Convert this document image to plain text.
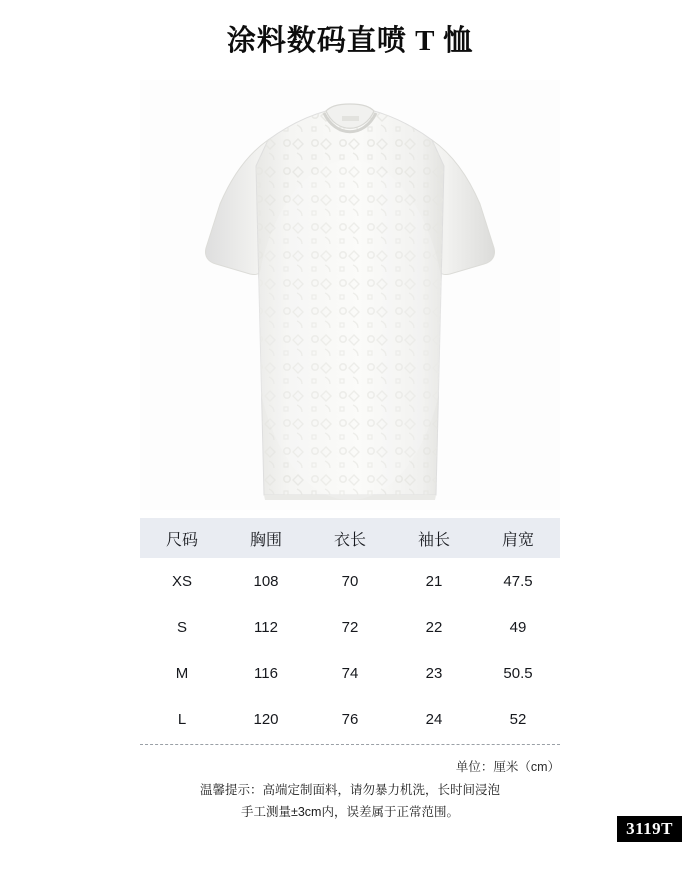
涂料数码直喷 T 恤
尺码	胸围	衣长	袖长	肩宽
XS	108	70	21	47.5
S	112	72	22	49
M	116	74	23	50.5
L	120	76	24	52
单位：厘米（cm）
温馨提示：高端定制面料，请勿暴力机洗，长时间浸泡
手工测量±3cm内，误差属于正常范围。
3119T
